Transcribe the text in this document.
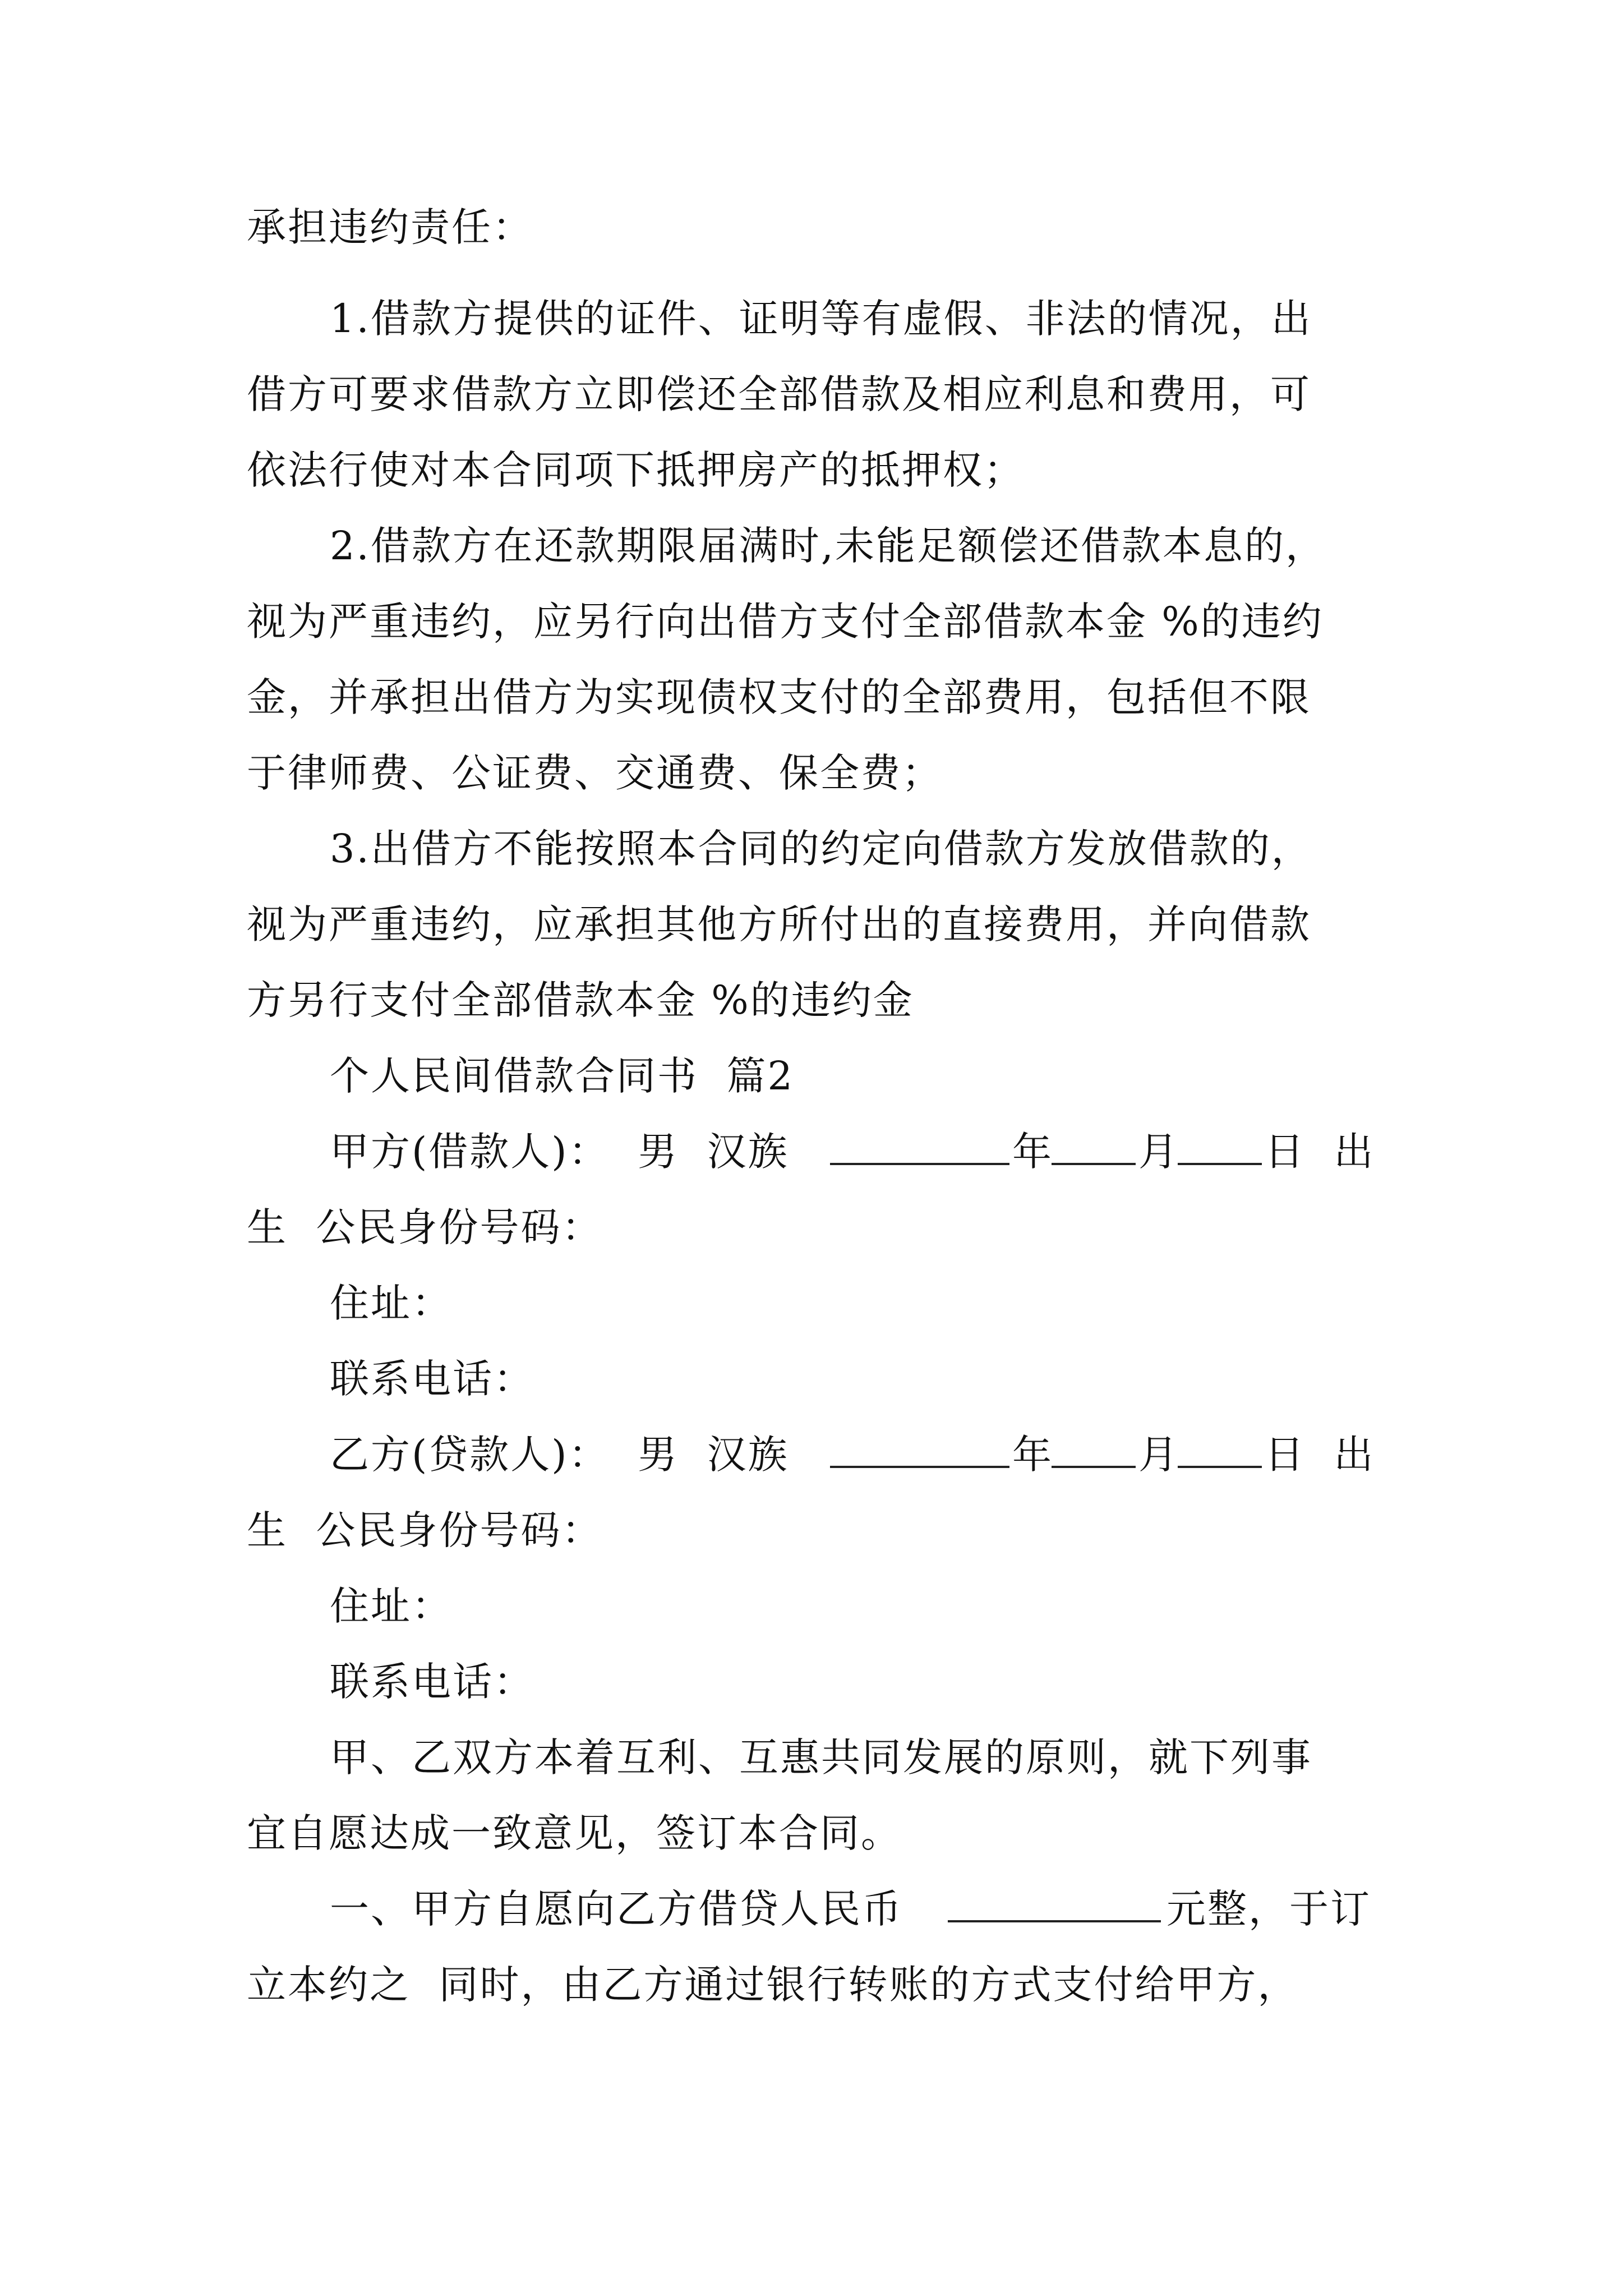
承担违约责任：
1.借款方提供的证件、证明等有虚假、非法的情况，出
借方可要求借款方立即偿还全部借款及相应利息和费用，可
依法行使对本合同项下抵押房产的抵押权；
2.借款方在还款期限届满时,未能足额偿还借款本息的，
视为严重违约，应另行向出借方支付全部借款本金 %的违约
金，并承担出借方为实现债权支付的全部费用，包括但不限
于律师费、公证费、交通费、保全费；
3.出借方不能按照本合同的约定向借款方发放借款的，
视为严重违约，应承担其他方所付出的直接费用，并向借款
方另行支付全部借款本金 %的违约金
个人民间借款合同书  篇2

甲方(借款人)：  男  汉族

	年

月

日  出

生  公民身份号码：
住址：
联系电话：

乙方(贷款人)：  男  汉族

	年

月

日  出

生  公民身份号码：
住址：
联系电话：
甲、乙双方本着互利、互惠共同发展的原则，就下列事
宜自愿达成一致意见，签订本合同。

一、甲方自愿向乙方借贷人民币

	元整，于订

立本约之  同时，由乙方通过银行转账的方式支付给甲方，
